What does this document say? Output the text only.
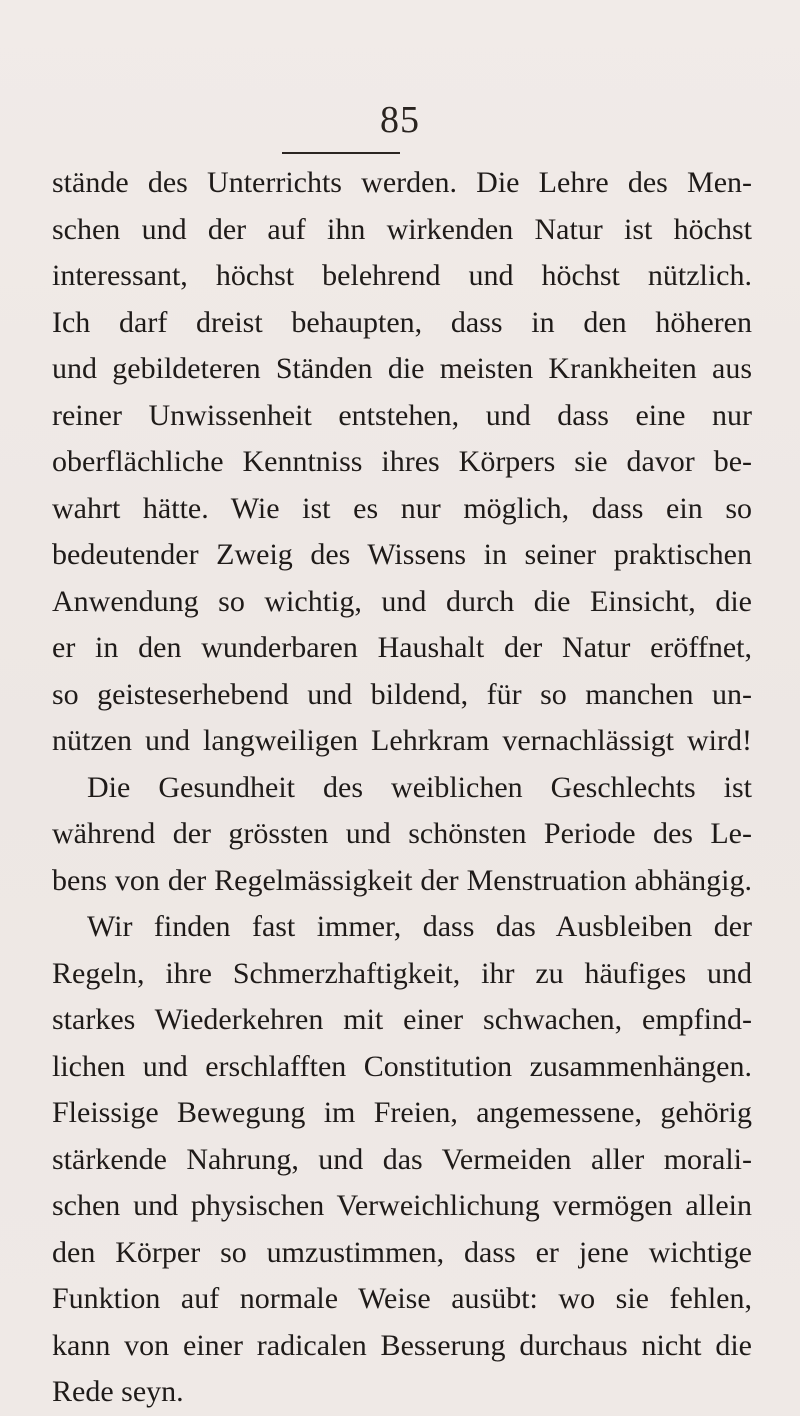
85
stände des Unterrichts werden. Die Lehre des Men-
schen und der auf ihn wirkenden Natur ist höchst
interessant, höchst belehrend und höchst nützlich.
Ich darf dreist behaupten, dass in den höheren
und gebildeteren Ständen die meisten Krankheiten aus
reiner Unwissenheit entstehen, und dass eine nur
oberflächliche Kenntniss ihres Körpers sie davor be-
wahrt hätte. Wie ist es nur möglich, dass ein so
bedeutender Zweig des Wissens in seiner praktischen
Anwendung so wichtig, und durch die Einsicht, die
er in den wunderbaren Haushalt der Natur eröffnet,
so geisteserhebend und bildend, für so manchen un-
nützen und langweiligen Lehrkram vernachlässigt wird!
Die Gesundheit des weiblichen Geschlechts ist
während der grössten und schönsten Periode des Le-
bens von der Regelmässigkeit der Menstruation abhängig.
Wir finden fast immer, dass das Ausbleiben der
Regeln, ihre Schmerzhaftigkeit, ihr zu häufiges und
starkes Wiederkehren mit einer schwachen, empfind-
lichen und erschlafften Constitution zusammenhängen.
Fleissige Bewegung im Freien, angemessene, gehörig
stärkende Nahrung, und das Vermeiden aller morali-
schen und physischen Verweichlichung vermögen allein
den Körper so umzustimmen, dass er jene wichtige
Funktion auf normale Weise ausübt: wo sie fehlen,
kann von einer radicalen Besserung durchaus nicht die
Rede seyn.
